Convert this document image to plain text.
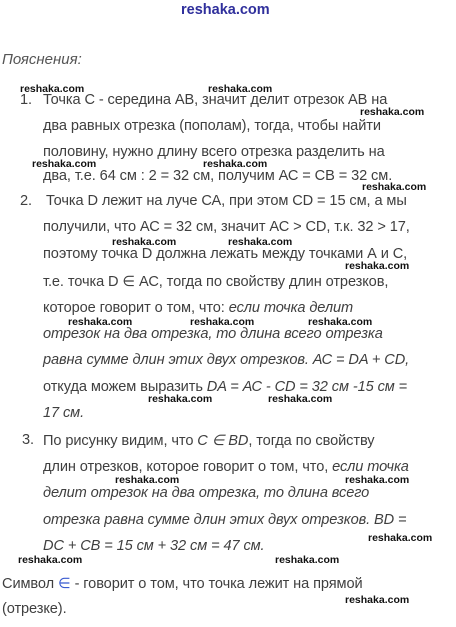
reshaka.com
Пояснения:
1. Точка С - середина АВ, значит делит отрезок АВ на
два равных отрезка (пополам), тогда, чтобы найти
половину, нужно длину всего отрезка разделить на
два, т.е. 64 см : 2 = 32 см, получим АС = СВ = 32 см.
2. Точка D лежит на луче СА, при этом CD = 15 см, а мы
получили, что АС = 32 см, значит АС > CD, т.к. 32 > 17,
поэтому точка D должна лежать между точками А и С,
т.е. точка D ∈ АС, тогда по свойству длин отрезков,
которое говорит о том, что: если точка делит
отрезок на два отрезка, то длина всего отрезка
равна сумме длин этих двух отрезков. АС = DA + CD,
откуда можем выразить DA = АС - CD = 32 см -15 см =
17 см.
3. По рисунку видим, что С ∈ BD, тогда по свойству
длин отрезков, которое говорит о том, что, если точка
делит отрезок на два отрезка, то длина всего
отрезка равна сумме длин этих двух отрезков. BD =
DC + CB = 15 см + 32 см = 47 см.
Символ ∈ - говорит о том, что точка лежит на прямой
(отрезке).
reshaka.com	reshaka.com
reshaka.com
reshaka.com	reshaka.com
reshaka.com
reshaka.com	reshaka.com
reshaka.com
reshaka.com	reshaka.com	reshaka.com
reshaka.com	reshaka.com
reshaka.com	reshaka.com
reshaka.com
reshaka.com	reshaka.com
reshaka.com
